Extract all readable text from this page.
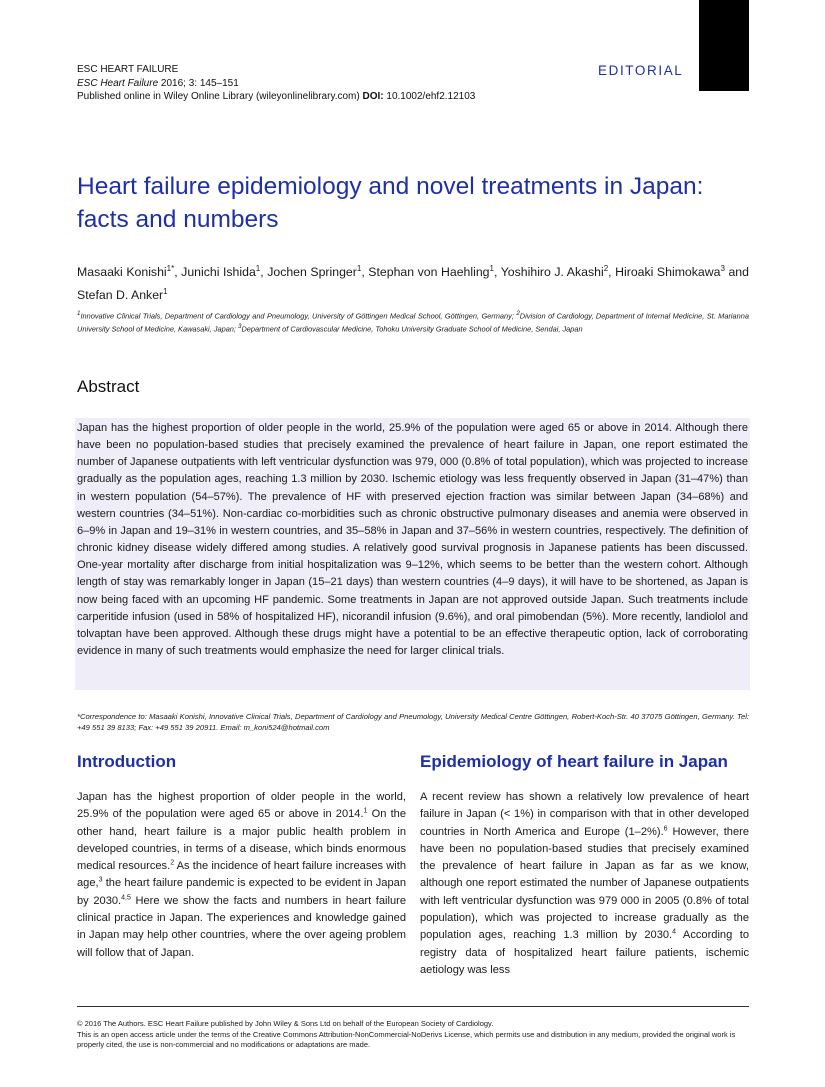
EDITORIAL
ESC HEART FAILURE
ESC Heart Failure 2016; 3: 145–151
Published online in Wiley Online Library (wileyonlinelibrary.com) DOI: 10.1002/ehf2.12103
Heart failure epidemiology and novel treatments in Japan: facts and numbers
Masaaki Konishi$^{1*}$, Junichi Ishida$^1$, Jochen Springer$^1$, Stephan von Haehling$^1$, Yoshihiro J. Akashi$^2$, Hiroaki Shimokawa$^3$ and Stefan D. Anker$^1$
$^1$Innovative Clinical Trials, Department of Cardiology and Pneumology, University of Göttingen Medical School, Göttingen, Germany; $^2$Division of Cardiology, Department of Internal Medicine, St. Marianna University School of Medicine, Kawasaki, Japan; $^3$Department of Cardiovascular Medicine, Tohoku University Graduate School of Medicine, Sendai, Japan
Abstract
Japan has the highest proportion of older people in the world, 25.9% of the population were aged 65 or above in 2014. Although there have been no population-based studies that precisely examined the prevalence of heart failure in Japan, one report estimated the number of Japanese outpatients with left ventricular dysfunction was 979, 000 (0.8% of total population), which was projected to increase gradually as the population ages, reaching 1.3 million by 2030. Ischemic etiology was less frequently observed in Japan (31–47%) than in western population (54–57%). The prevalence of HF with preserved ejection fraction was similar between Japan (34–68%) and western countries (34–51%). Non-cardiac co-morbidities such as chronic obstructive pulmonary diseases and anemia were observed in 6–9% in Japan and 19–31% in western countries, and 35–58% in Japan and 37–56% in western countries, respectively. The definition of chronic kidney disease widely differed among studies. A relatively good survival prognosis in Japanese patients has been discussed. One-year mortality after discharge from initial hospitalization was 9–12%, which seems to be better than the western cohort. Although length of stay was remarkably longer in Japan (15–21 days) than western countries (4–9 days), it will have to be shortened, as Japan is now being faced with an upcoming HF pandemic. Some treatments in Japan are not approved outside Japan. Such treatments include carperitide infusion (used in 58% of hospitalized HF), nicorandil infusion (9.6%), and oral pimobendan (5%). More recently, landiolol and tolvaptan have been approved. Although these drugs might have a potential to be an effective therapeutic option, lack of corroborating evidence in many of such treatments would emphasize the need for larger clinical trials.
*Correspondence to: Masaaki Konishi, Innovative Clinical Trials, Department of Cardiology and Pneumology, University Medical Centre Göttingen, Robert-Koch-Str. 40 37075 Göttingen, Germany. Tel: +49 551 39 8133; Fax: +49 551 39 20911. Email: m_koni524@hotmail.com
Introduction	Epidemiology of heart failure in Japan
Japan has the highest proportion of older people in the world, 25.9% of the population were aged 65 or above in 2014.$^1$ On the other hand, heart failure is a major public health problem in developed countries, in terms of a disease, which binds enormous medical resources.$^2$ As the incidence of heart failure increases with age,$^3$ the heart failure pandemic is expected to be evident in Japan by 2030.$^{4,5}$ Here we show the facts and numbers in heart failure clinical practice in Japan. The experiences and knowledge gained in Japan may help other countries, where the over ageing problem will follow that of Japan.
A recent review has shown a relatively low prevalence of heart failure in Japan (< 1%) in comparison with that in other developed countries in North America and Europe (1–2%).$^6$ However, there have been no population-based studies that precisely examined the prevalence of heart failure in Japan as far as we know, although one report estimated the number of Japanese outpatients with left ventricular dysfunction was 979 000 in 2005 (0.8% of total population), which was projected to increase gradually as the population ages, reaching 1.3 million by 2030.$^4$ According to registry data of hospitalized heart failure patients, ischemic aetiology was less
© 2016 The Authors. ESC Heart Failure published by John Wiley & Sons Ltd on behalf of the European Society of Cardiology.
This is an open access article under the terms of the Creative Commons Attribution-NonCommercial-NoDerivs License, which permits use and distribution in any medium, provided the original work is properly cited, the use is non-commercial and no modifications or adaptations are made.
